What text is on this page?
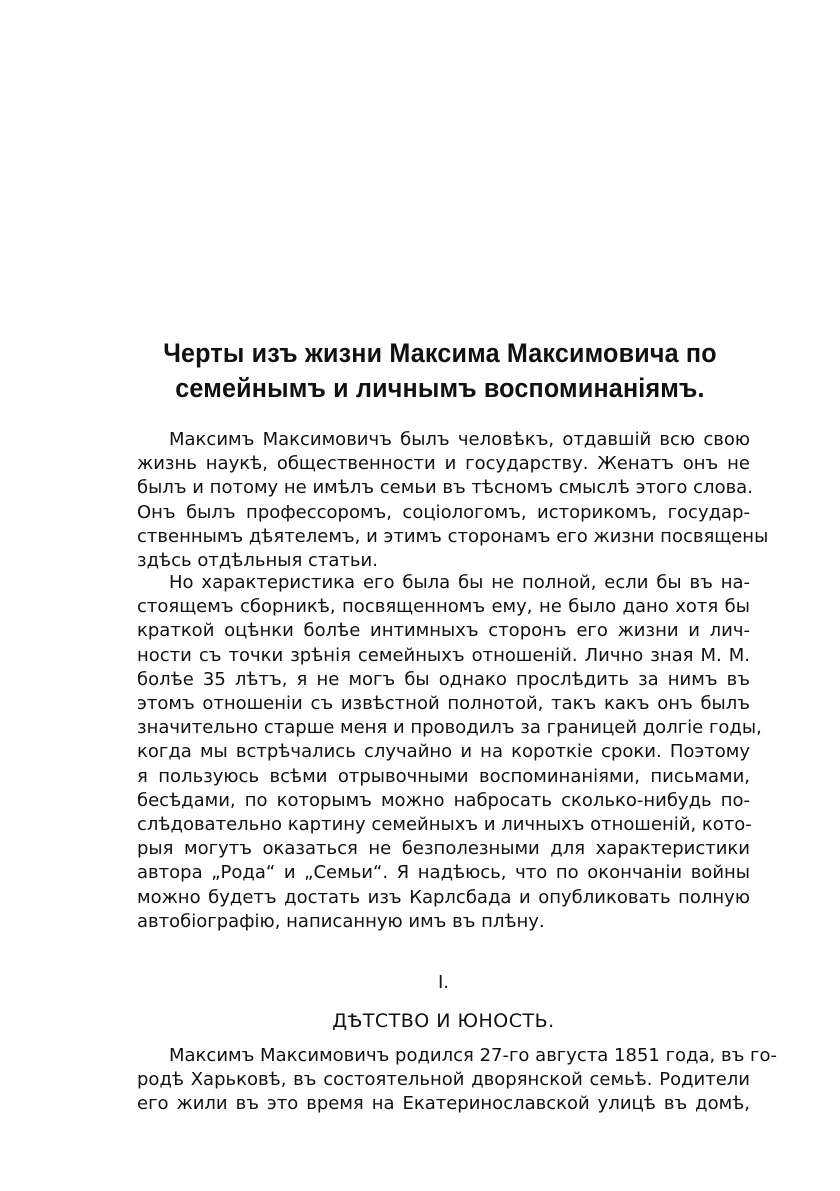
Черты изъ жизни Максима Максимовича по
семейнымъ и личнымъ воспоминаніямъ.
Максимъ Максимовичъ былъ человѣкъ, отдавшій всю свою
жизнь наукѣ, общественности и государству. Женатъ онъ не
былъ и потому не имѣлъ семьи въ тѣсномъ смыслѣ этого слова.
Онъ былъ профессоромъ, соціологомъ, историкомъ, государ-
ственнымъ дѣятелемъ, и этимъ сторонамъ его жизни посвящены
здѣсь отдѣльныя статьи.
Но характеристика его была бы не полной, если бы въ на-
стоящемъ сборникѣ, посвященномъ ему, не было дано хотя бы
краткой оцѣнки болѣе интимныхъ сторонъ его жизни и лич-
ности съ точки зрѣнія семейныхъ отношеній. Лично зная М. М.
болѣе 35 лѣтъ, я не могъ бы однако прослѣдить за нимъ въ
этомъ отношеніи съ извѣстной полнотой, такъ какъ онъ былъ
значительно старше меня и проводилъ за границей долгіе годы,
когда мы встрѣчались случайно и на короткіе сроки. Поэтому
я пользуюсь всѣми отрывочными воспоминаніями, письмами,
бесѣдами, по которымъ можно набросать сколько-нибудь по-
слѣдовательно картину семейныхъ и личныхъ отношеній, кото-
рыя могутъ оказаться не безполезными для характеристики
автора „Рода“ и „Семьи“. Я надѣюсь, что по окончаніи войны
можно будетъ достать изъ Карлсбада и опубликовать полную
автобіографію, написанную имъ въ плѣну.
I.
ДѢТСТВО И ЮНОСТЬ.
Максимъ Максимовичъ родился 27-го августа 1851 года, въ го-
родѣ Харьковѣ, въ состоятельной дворянской семьѣ. Родители
его жили въ это время на Екатеринославской улицѣ въ домѣ,
